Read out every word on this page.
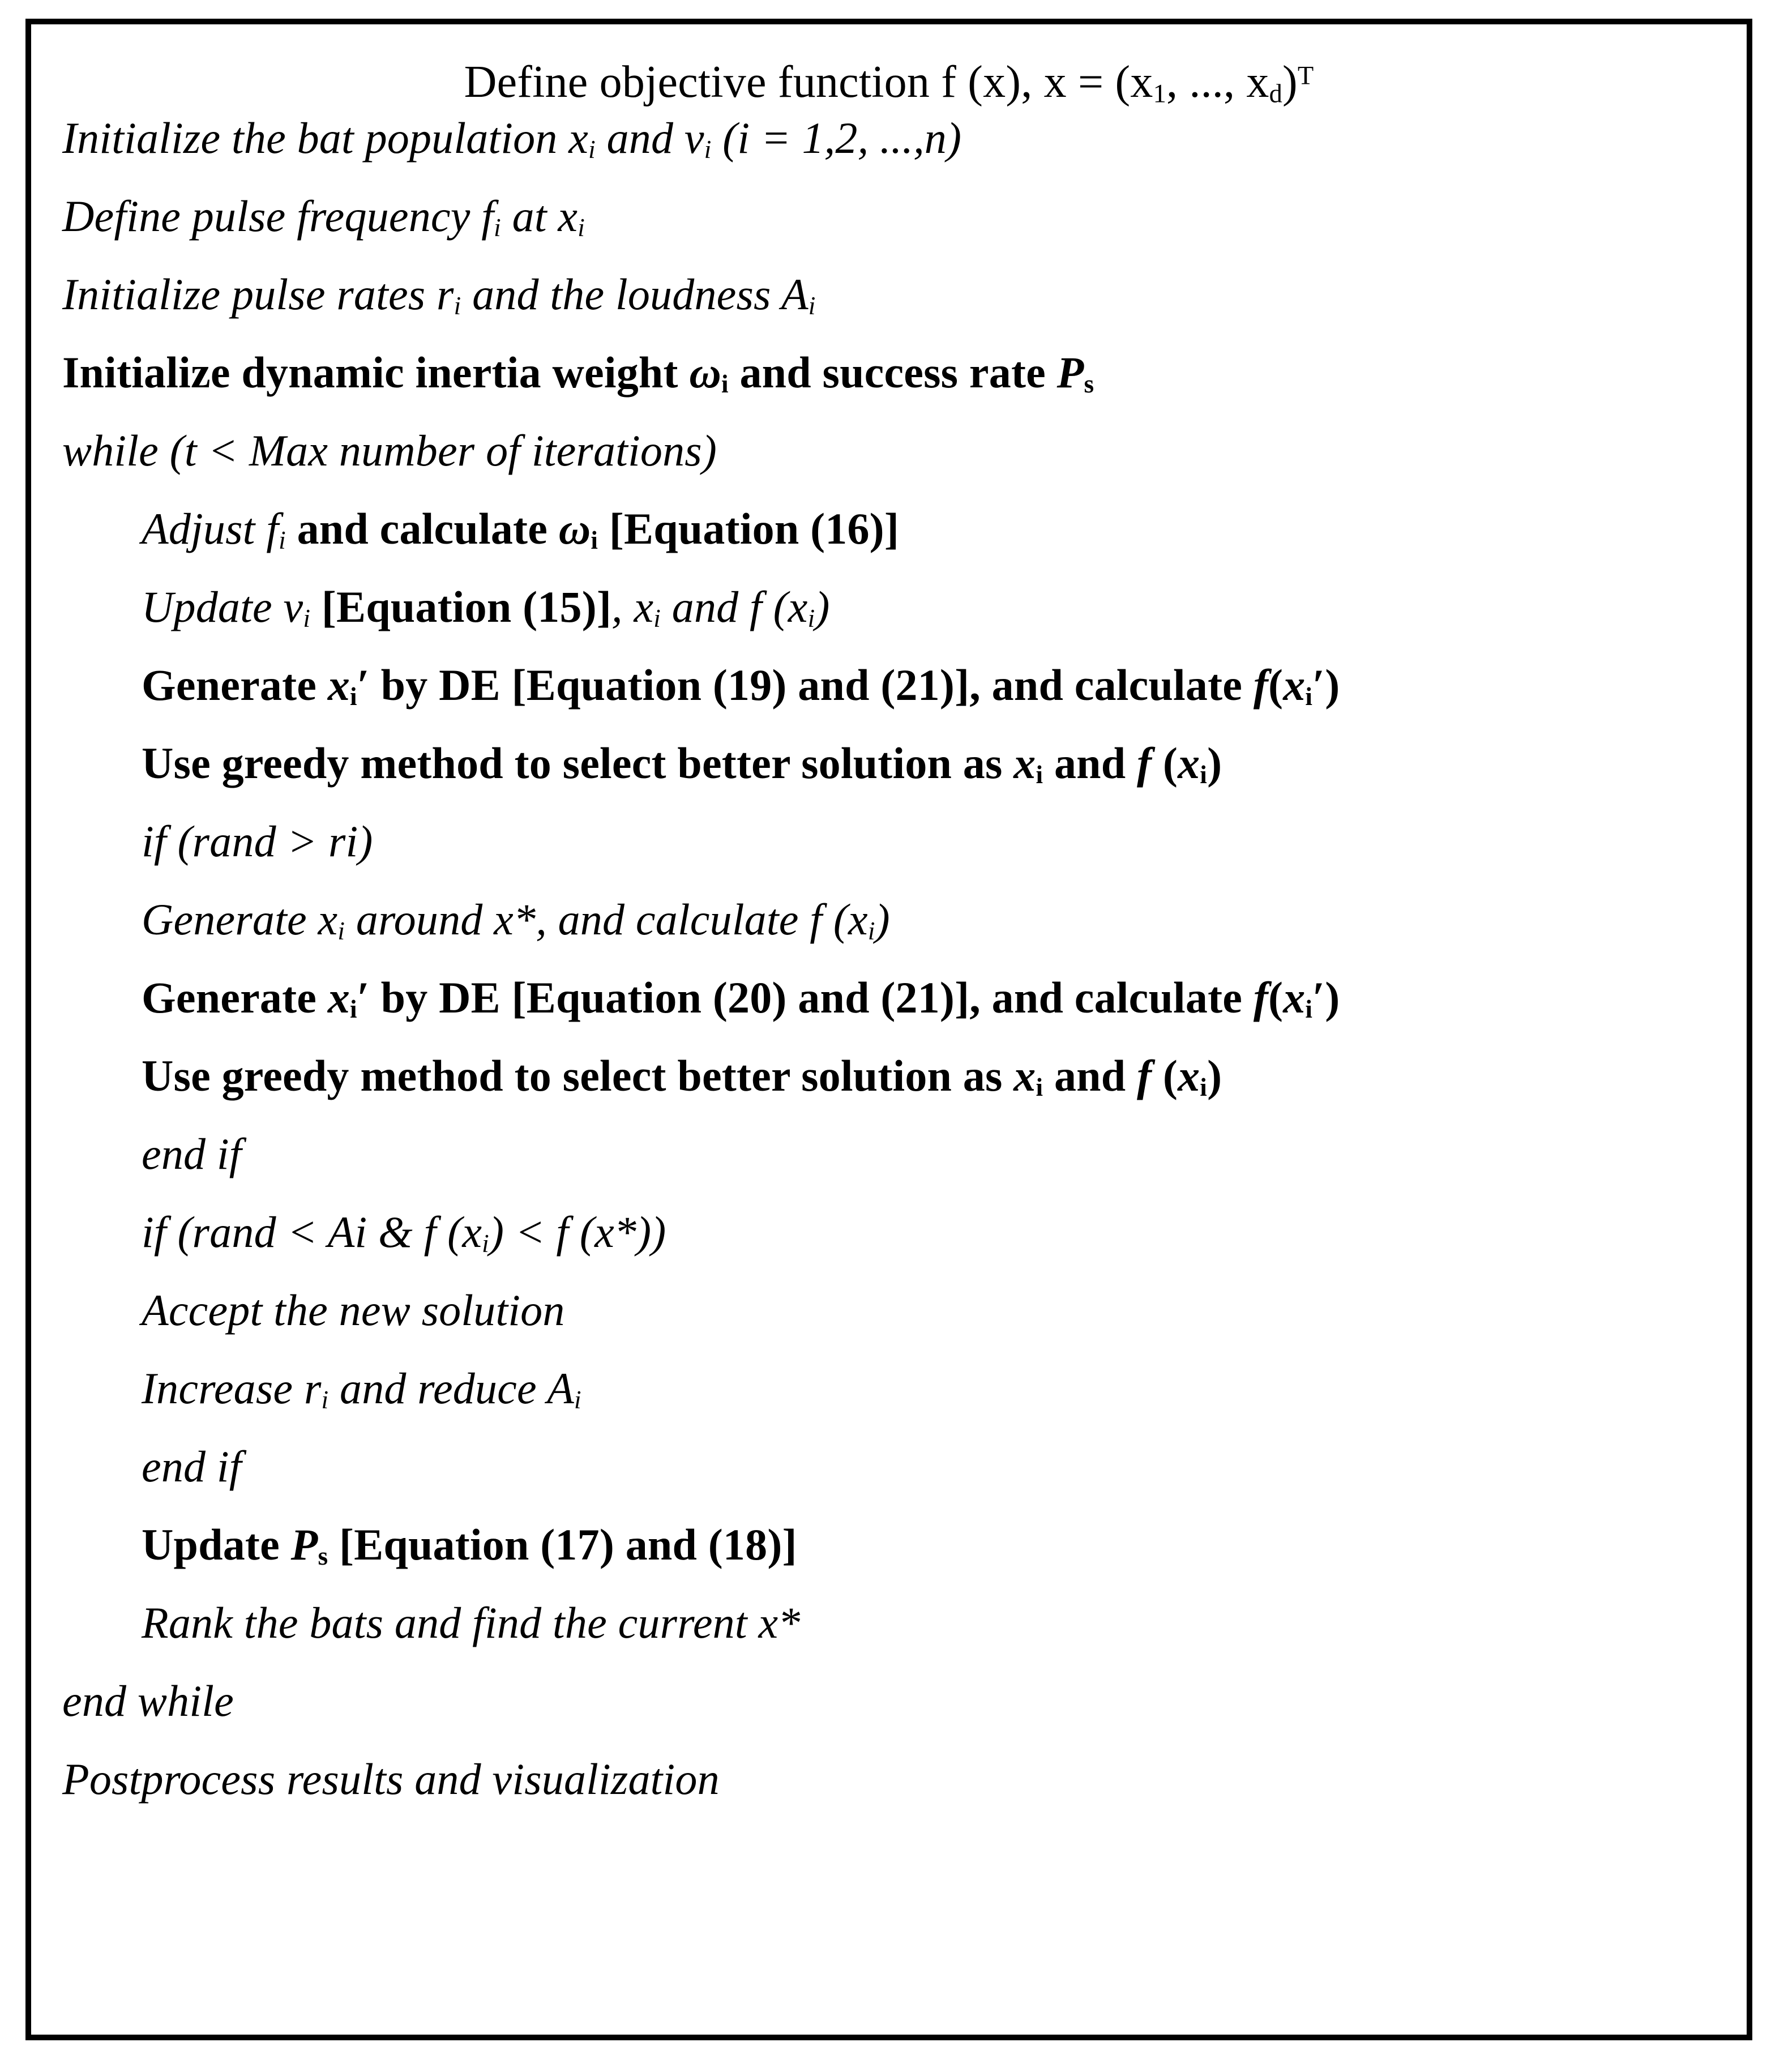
Define objective function f (x), $x = (x_1$, ..., $x_d)^T$
Initialize the bat population $x_i$ and $v_i$ (i = 1,2, ...,n)
Define pulse frequency $f_i$ at $x_i$
Initialize pulse rates $r_i$ and the loudness $A_i$
Initialize dynamic inertia weight $\omega_i$ and success rate $P_s$
while (t < Max number of iterations)
Adjust $f_i$ and calculate $\omega_i$ [Equation (16)]
Update $v_i$ [Equation (15)], $x_i$ and f $(x_i)$
Generate $x_i'$ by DE [Equation (19) and (21)], and calculate $f(x_i')$
Use greedy method to select better solution as $x_i$ and f $(x_i)$
if (rand > ri)
Generate $x_i$ around x*, and calculate f $(x_i)$
Generate $x_i'$ by DE [Equation (20) and (21)], and calculate $f(x_i')$
Use greedy method to select better solution as $x_i$ and f $(x_i)$
end if
if (rand < Ai & f $(x_i) < f$ (x*))
Accept the new solution
Increase $r_i$ and reduce $A_i$
end if
Update $P_s$ [Equation (17) and (18)]
Rank the bats and find the current x*
end while
Postprocess results and visualization
